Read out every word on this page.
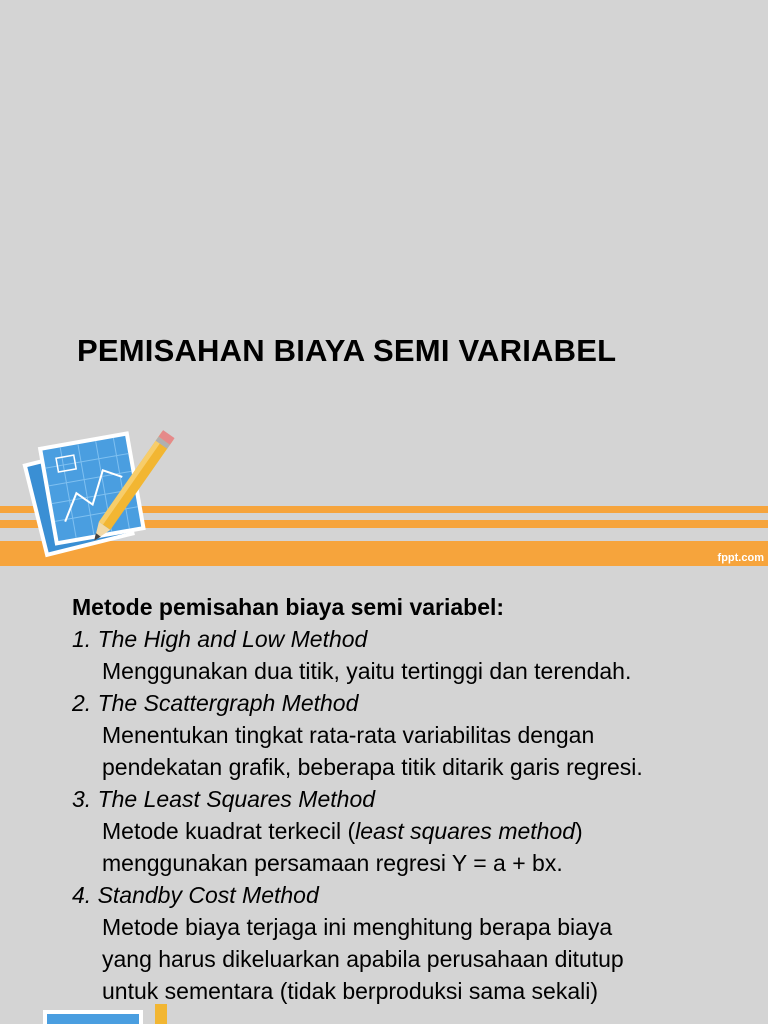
PEMISAHAN BIAYA SEMI VARIABEL
fppt.com

Metode pemisahan biaya semi variabel:

1. The High and Low Method

Menggunakan dua titik, yaitu tertinggi dan terendah.

2. The Scattergraph Method

Menentukan tingkat rata-rata variabilitas dengan

pendekatan grafik, beberapa titik ditarik garis regresi.

3. The Least Squares Method

Metode kuadrat terkecil (least squares method)

menggunakan persamaan regresi Y = a + bx.

4. Standby Cost Method

Metode biaya terjaga ini menghitung berapa biaya

yang harus dikeluarkan apabila perusahaan ditutup

untuk sementara (tidak berproduksi sama sekali)
